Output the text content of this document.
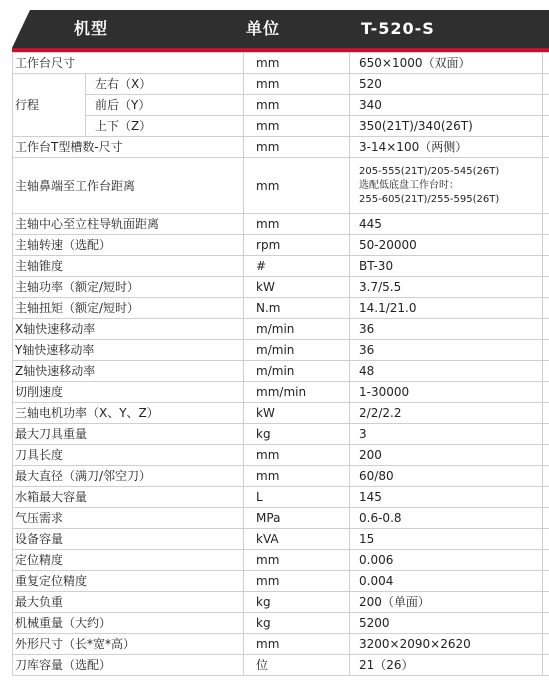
机型	单位	T-520-S
工作台尺寸		mm	650×1000（双面）	
行程	左右（X）	mm	520	
	前后（Y）	mm	340	
	上下（Z）	mm	350(21T)/340(26T)	
工作台T型槽数-尺寸		mm	3-14×100（两侧）	
主轴鼻端至工作台距离		mm	205-555(21T)/205-545(26T)
选配低底盘工作台时：
255-605(21T)/255-595(26T)	

主轴中心至立柱导轨面距离		mm	445	
主轴转速（选配）		rpm	50-20000	
主轴锥度		#	BT-30	
主轴功率（额定/短时）		kW	3.7/5.5	
主轴扭矩（额定/短时）		N.m	14.1/21.0	
X轴快速移动率		m/min	36	
Y轴快速移动率		m/min	36	
Z轴快速移动率		m/min	48	
切削速度		mm/min	1-30000	
三轴电机功率（X、Y、Z）		kW	2/2/2.2	
最大刀具重量		kg	3	
刀具长度		mm	200	
最大直径（满刀/邻空刀）		mm	60/80	
水箱最大容量		L	145	
气压需求		MPa	0.6-0.8	
设备容量		kVA	15	
定位精度		mm	0.006	
重复定位精度		mm	0.004	
最大负重		kg	200（单面）	
机械重量（大约）		kg	5200	
外形尺寸（长*宽*高）		mm	3200×2090×2620	
刀库容量（选配）		位	21（26）	
